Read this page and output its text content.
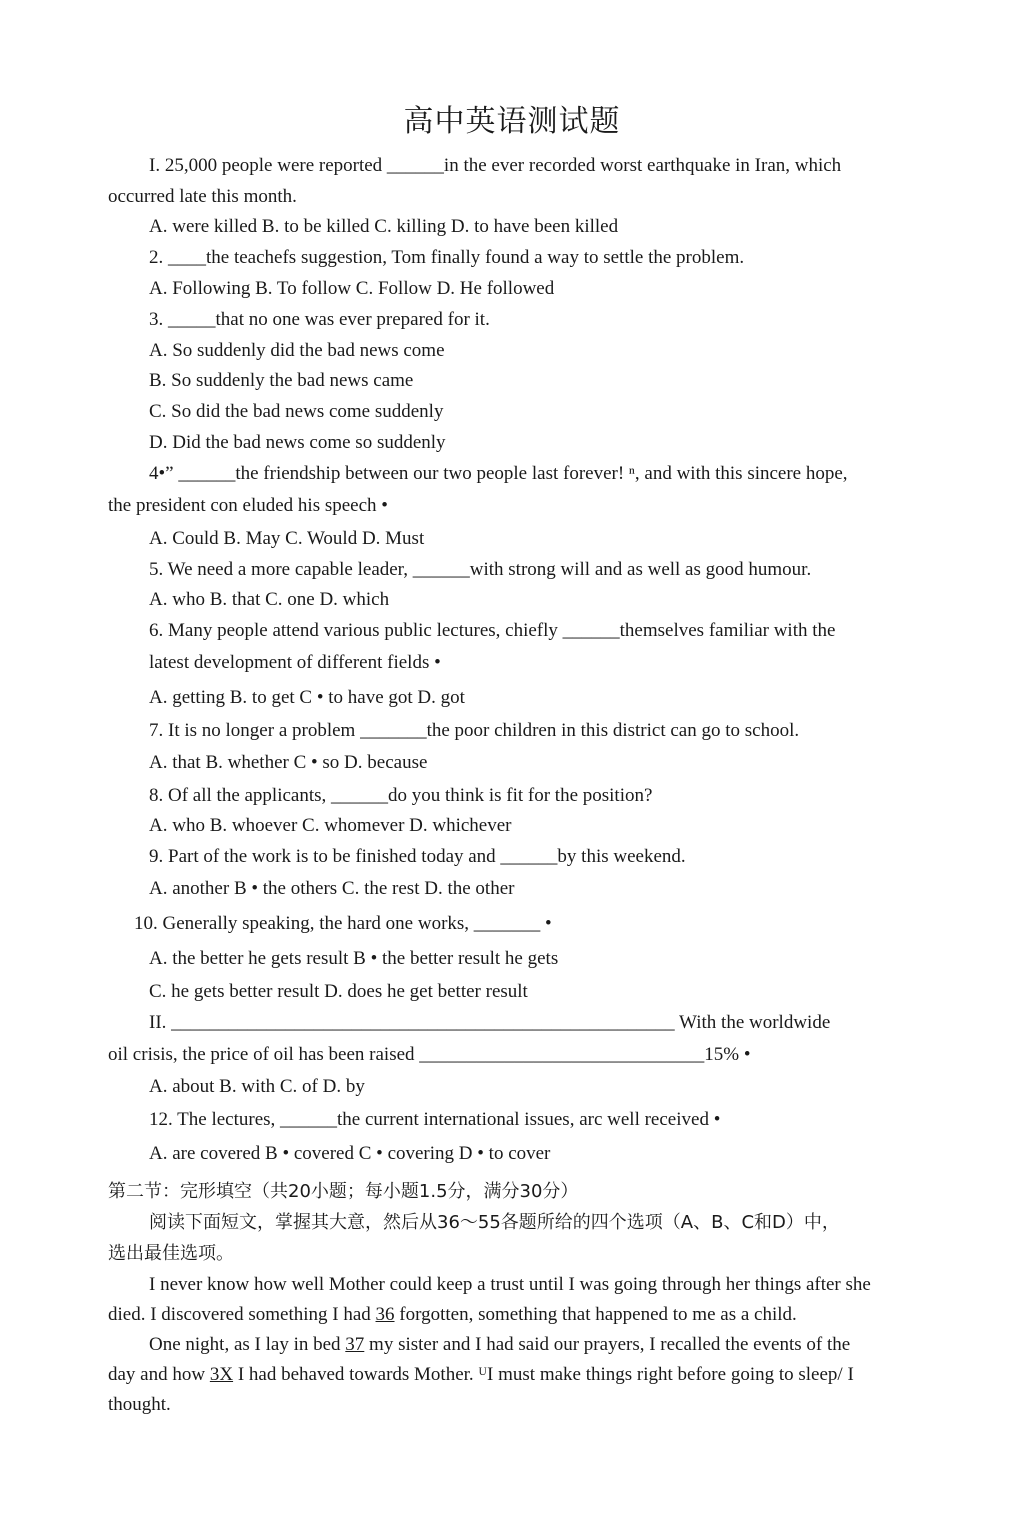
高中英语测试题
I. 25,000 people were reported ______in the ever recorded worst earthquake in Iran, which
occurred late this month.
A. were killed B. to be killed C. killing D. to have been killed
2. ____the teachefs suggestion, Tom finally found a way to settle the problem.
A. Following B. To follow C. Follow D. He followed
3. _____that no one was ever prepared for it.
A. So suddenly did the bad news come
B. So suddenly the bad news came
C. So did the bad news come suddenly
D. Did the bad news come so suddenly
4•” ______the friendship between our two people last forever! ⁿ, and with this sincere hope,
the president con eluded his speech •
A. Could B. May C. Would D. Must
5. We need a more capable leader, ______with strong will and as well as good humour.
A. who B. that C. one D. which
6. Many people attend various public lectures, chiefly ______themselves familiar with the
latest development of different fields •
A. getting B. to get C • to have got D. got
7. It is no longer a problem _______the poor children in this district can go to school.
A. that B. whether C • so D. because
8. Of all the applicants, ______do you think is fit for the position?
A. who B. whoever C. whomever D. whichever
9. Part of the work is to be finished today and ______by this weekend.
A. another B • the others C. the rest D. the other
10. Generally speaking, the hard one works, _______ •
A. the better he gets result B • the better result he gets
C. he gets better result D. does he get better result
II. _____________________________________________________ With the worldwide
oil crisis, the price of oil has been raised ______________________________15% •
A. about B. with C. of D. by
12. The lectures, ______the current international issues, arc well received •
A. are covered B • covered C • covering D • to cover
第二节：完形填空（共20小题；每小题1.5分，满分30分）
阅读下面短文，掌握其大意，然后从36～55各题所给的四个选项（A、B、C和D）中，
选出最佳选项。
I never know how well Mother could keep a trust until I was going through her things after she
died. I discovered something I had 36 forgotten, something that happened to me as a child.
One night, as I lay in bed 37 my sister and I had said our prayers, I recalled the events of the
day and how 3X I had behaved towards Mother. ᵁI must make things right before going to sleep/ I
thought.
